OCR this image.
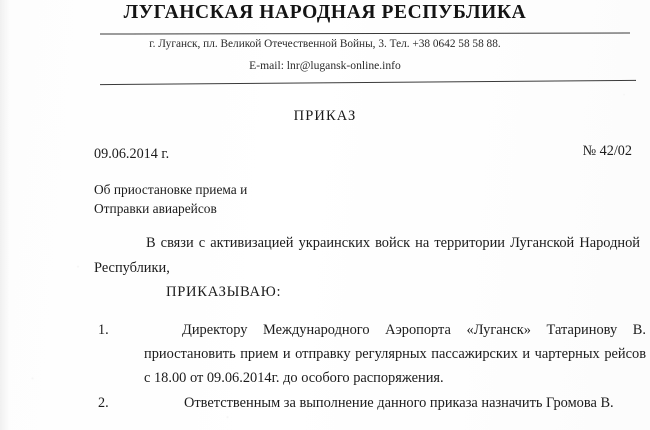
ЛУГАНСКАЯ НАРОДНАЯ РЕСПУБЛИКА
г. Луганск, пл. Великой Отечественной Войны, 3. Тел. +38 0642 58 58 88.
E-mail: lnr@lugansk-online.info
ПРИКАЗ
09.06.2014 г.	№ 42/02
Об приостановке приема и
Отправки авиарейсов
В связи с активизацией украинских войск на территории Луганской Народной Республики,
ПРИКАЗЫВАЮ:
1.	Директору Международного Аэропорта «Луганск» Татаринову В. приостановить прием и отправку регулярных пассажирских и чартерных рейсов с 18.00 от 09.06.2014г. до особого распоряжения.
2.	Ответственным за выполнение данного приказа назначить Громова В.
